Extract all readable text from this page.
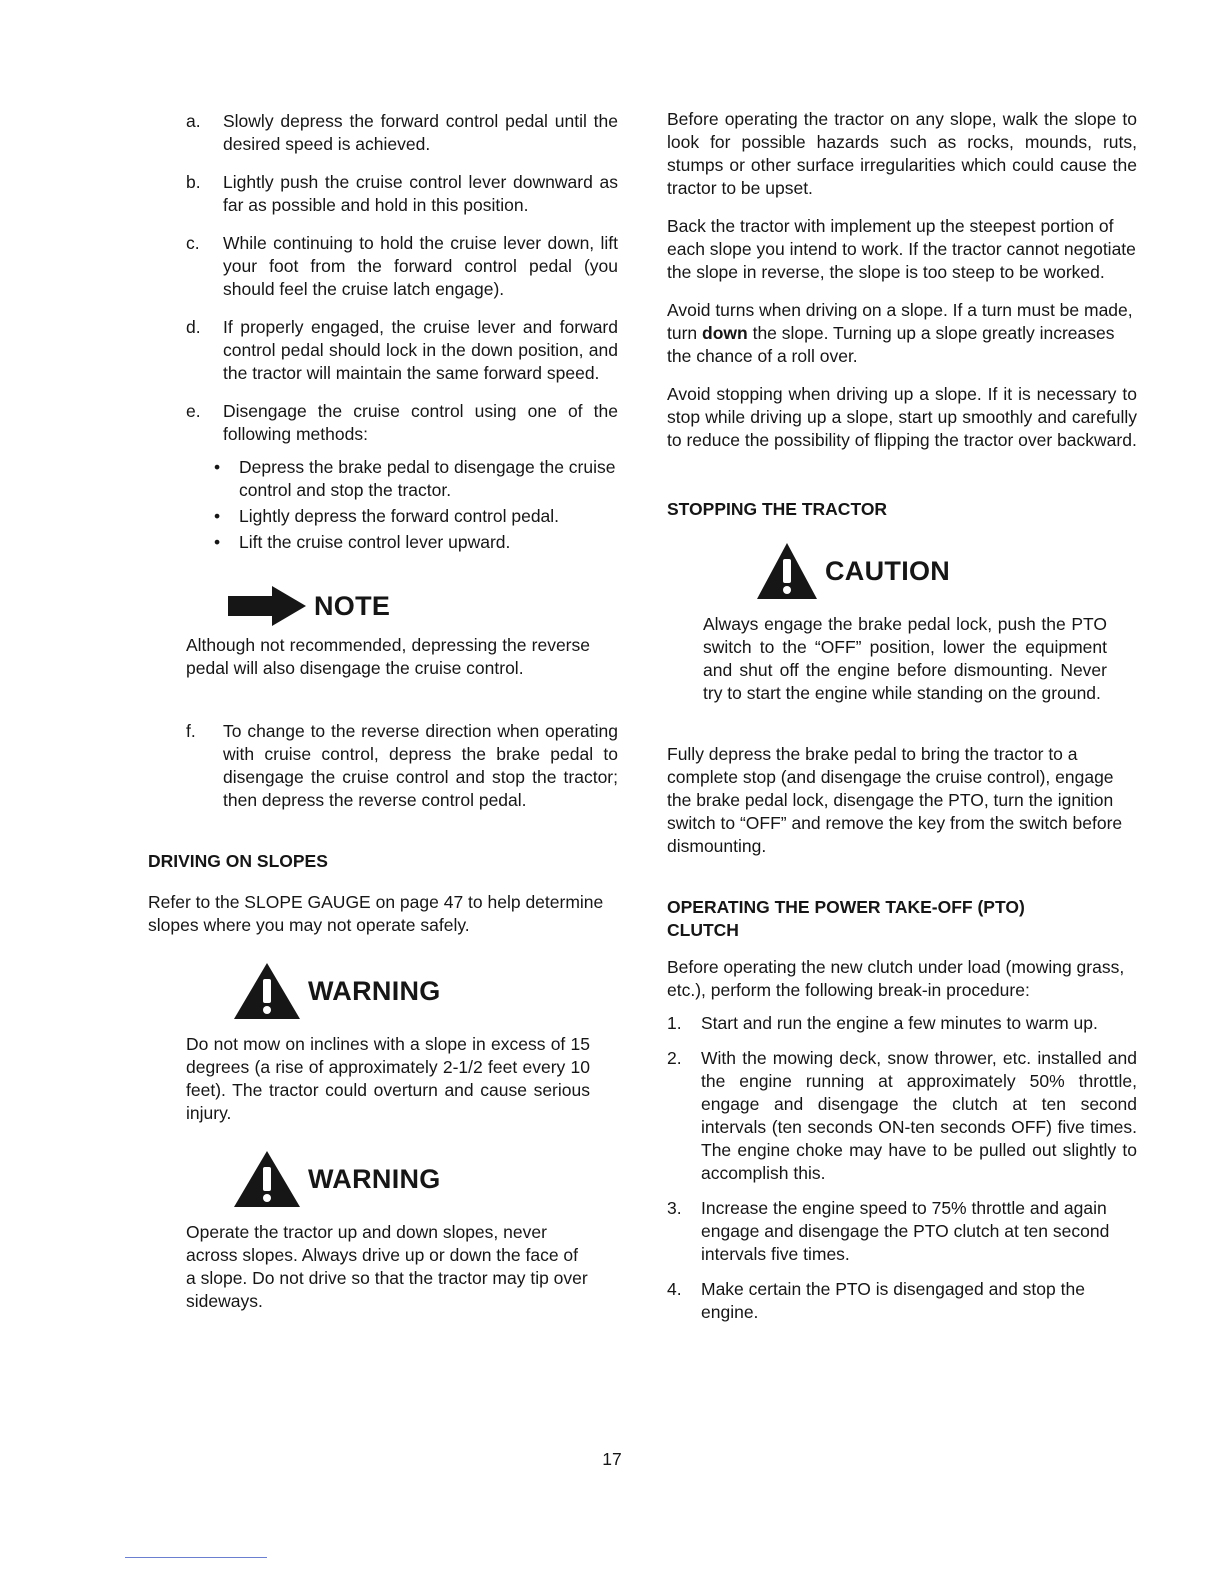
a. Slowly depress the forward control pedal until the desired speed is achieved.

b. Lightly push the cruise control lever downward as far as possible and hold in this position.

c. While continuing to hold the cruise lever down, lift your foot from the forward control pedal (you should feel the cruise latch engage).

d. If properly engaged, the cruise lever and forward control pedal should lock in the down position, and the tractor will maintain the same forward speed.

e. Disengage the cruise control using one of the following methods:

• Depress the brake pedal to disengage the cruise control and stop the tractor.

• Lightly depress the forward control pedal.

• Lift the cruise control lever upward.

NOTE

Although not recommended, depressing the reverse pedal will also disengage the cruise control.

f. To change to the reverse direction when operating with cruise control, depress the brake pedal to disengage the cruise control and stop the tractor; then depress the reverse control pedal.

DRIVING ON SLOPES

Refer to the SLOPE GAUGE on page 47 to help determine slopes where you may not operate safely.

WARNING

Do not mow on inclines with a slope in excess of 15 degrees (a rise of approximately 2-1/2 feet every 10 feet). The tractor could overturn and cause serious injury.

WARNING

Operate the tractor up and down slopes, never across slopes. Always drive up or down the face of a slope. Do not drive so that the tractor may tip over sideways.

Before operating the tractor on any slope, walk the slope to look for possible hazards such as rocks, mounds, ruts, stumps or other surface irregularities which could cause the tractor to be upset.

Back the tractor with implement up the steepest portion of each slope you intend to work. If the tractor cannot negotiate the slope in reverse, the slope is too steep to be worked.

Avoid turns when driving on a slope. If a turn must be made, turn down the slope. Turning up a slope greatly increases the chance of a roll over.

Avoid stopping when driving up a slope. If it is necessary to stop while driving up a slope, start up smoothly and carefully to reduce the possibility of flipping the tractor over backward.

STOPPING THE TRACTOR

CAUTION

Always engage the brake pedal lock, push the PTO switch to the “OFF” position, lower the equipment and shut off the engine before dismounting. Never try to start the engine while standing on the ground.

Fully depress the brake pedal to bring the tractor to a complete stop (and disengage the cruise control), engage the brake pedal lock, disengage the PTO, turn the ignition switch to “OFF” and remove the key from the switch before dismounting.

OPERATING THE POWER TAKE-OFF (PTO)
CLUTCH

Before operating the new clutch under load (mowing grass, etc.), perform the following break-in procedure:

1. Start and run the engine a few minutes to warm up.

2. With the mowing deck, snow thrower, etc. installed and the engine running at approximately 50% throttle, engage and disengage the clutch at ten second intervals (ten seconds ON-ten seconds OFF) five times. The engine choke may have to be pulled out slightly to accomplish this.

3. Increase the engine speed to 75% throttle and again engage and disengage the PTO clutch at ten second intervals five times.

4. Make certain the PTO is disengaged and stop the engine.

17
